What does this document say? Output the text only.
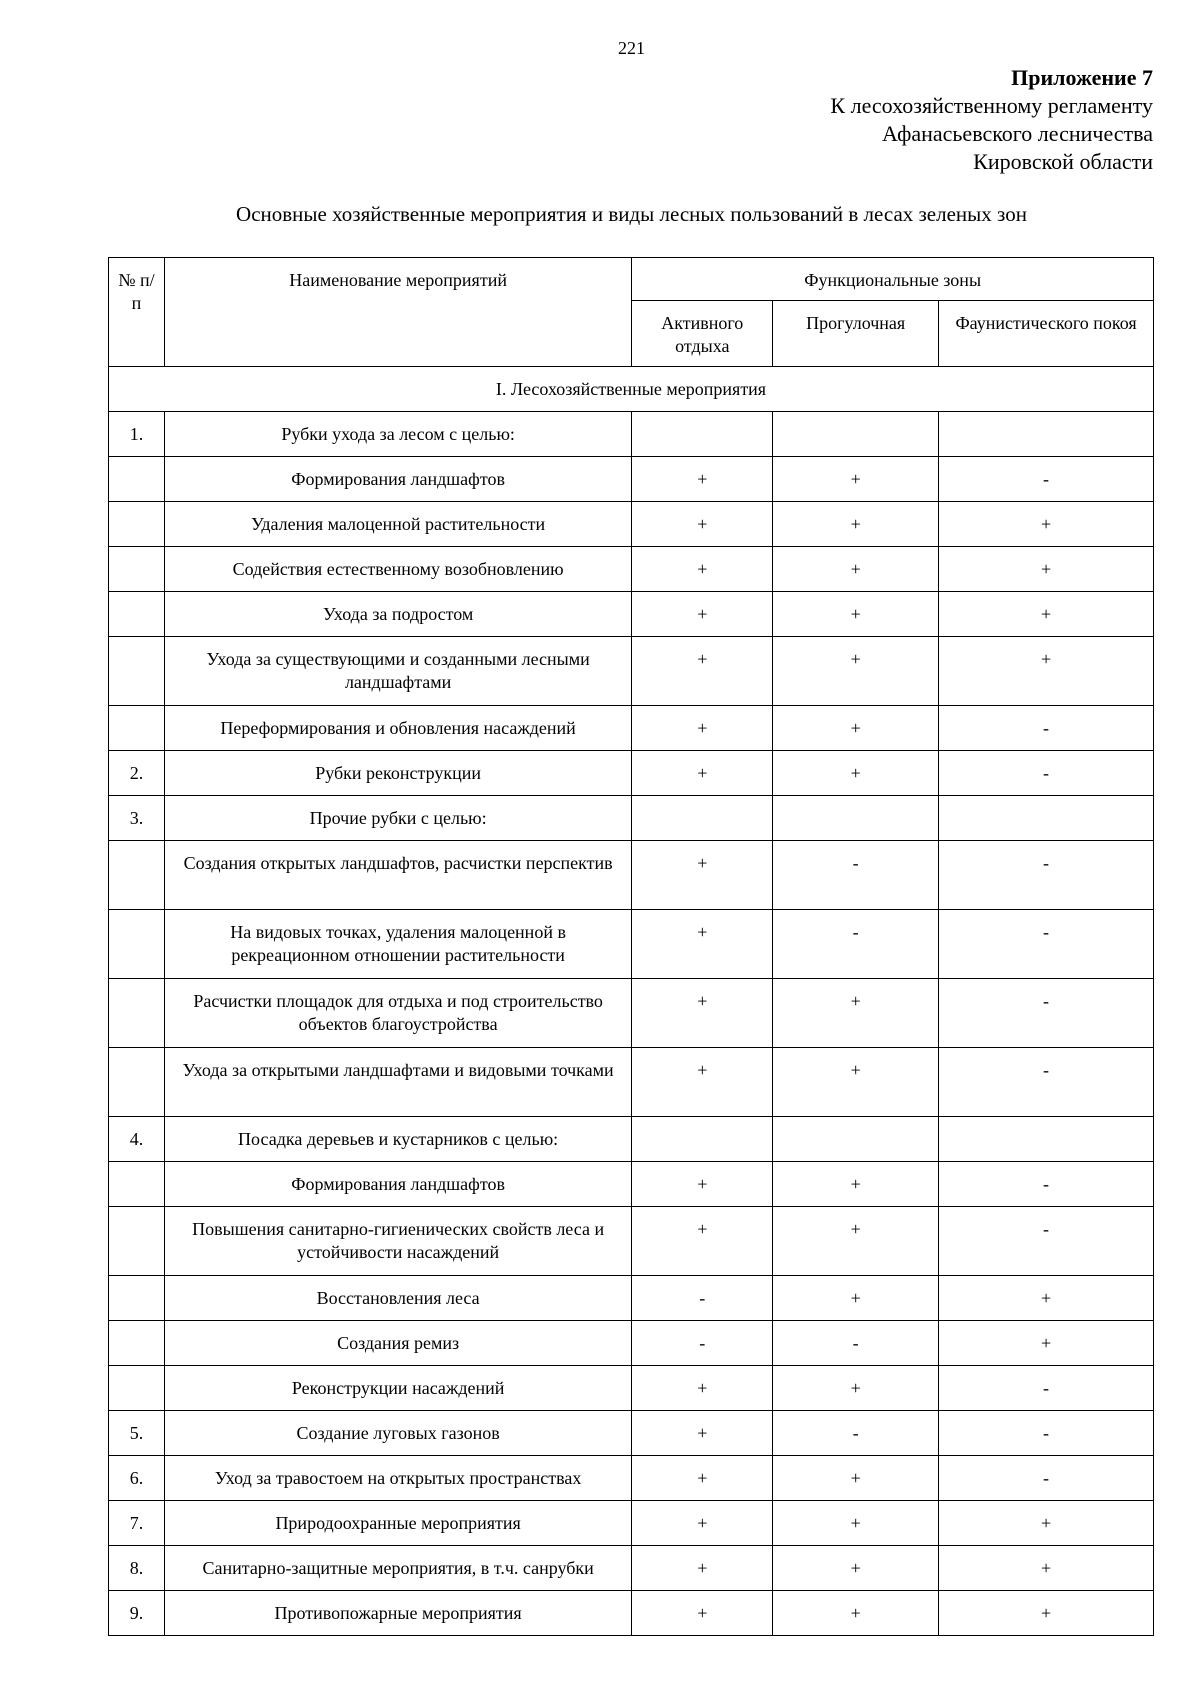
221
Приложение 7
К лесохозяйственному регламенту
Афанасьевского лесничества
Кировской области
Основные хозяйственные мероприятия и виды лесных пользований в лесах зеленых зон
№ п/п	Наименование мероприятий	Функциональные зоны		
		Активного отдыха	Прогулочная	Фаунистического покоя
I. Лесохозяйственные мероприятия				
1.	Рубки ухода за лесом с целью:			
	Формирования ландшафтов	+	+	-
	Удаления малоценной растительности	+	+	+
	Содействия естественному возобновлению	+	+	+
	Ухода за подростом	+	+	+
	Ухода за существующими и созданными лесными ландшафтами	+	+	+
	Переформирования и обновления насаждений	+	+	-
2.	Рубки реконструкции	+	+	-
3.	Прочие рубки с целью:			
	Создания открытых ландшафтов, расчистки перспектив	+	-	-
	На видовых точках, удаления малоценной в рекреационном отношении растительности	+	-	-
	Расчистки площадок для отдыха и под строительство объектов благоустройства	+	+	-
	Ухода за открытыми ландшафтами и видовыми точками	+	+	-
4.	Посадка деревьев и кустарников с целью:			
	Формирования ландшафтов	+	+	-
	Повышения санитарно-гигиенических свойств леса и устойчивости насаждений	+	+	-
	Восстановления леса	-	+	+
	Создания ремиз	-	-	+
	Реконструкции насаждений	+	+	-
5.	Создание луговых газонов	+	-	-
6.	Уход за травостоем на открытых пространствах	+	+	-
7.	Природоохранные мероприятия	+	+	+
8.	Санитарно-защитные мероприятия, в т.ч. санрубки	+	+	+
9.	Противопожарные мероприятия	+	+	+
